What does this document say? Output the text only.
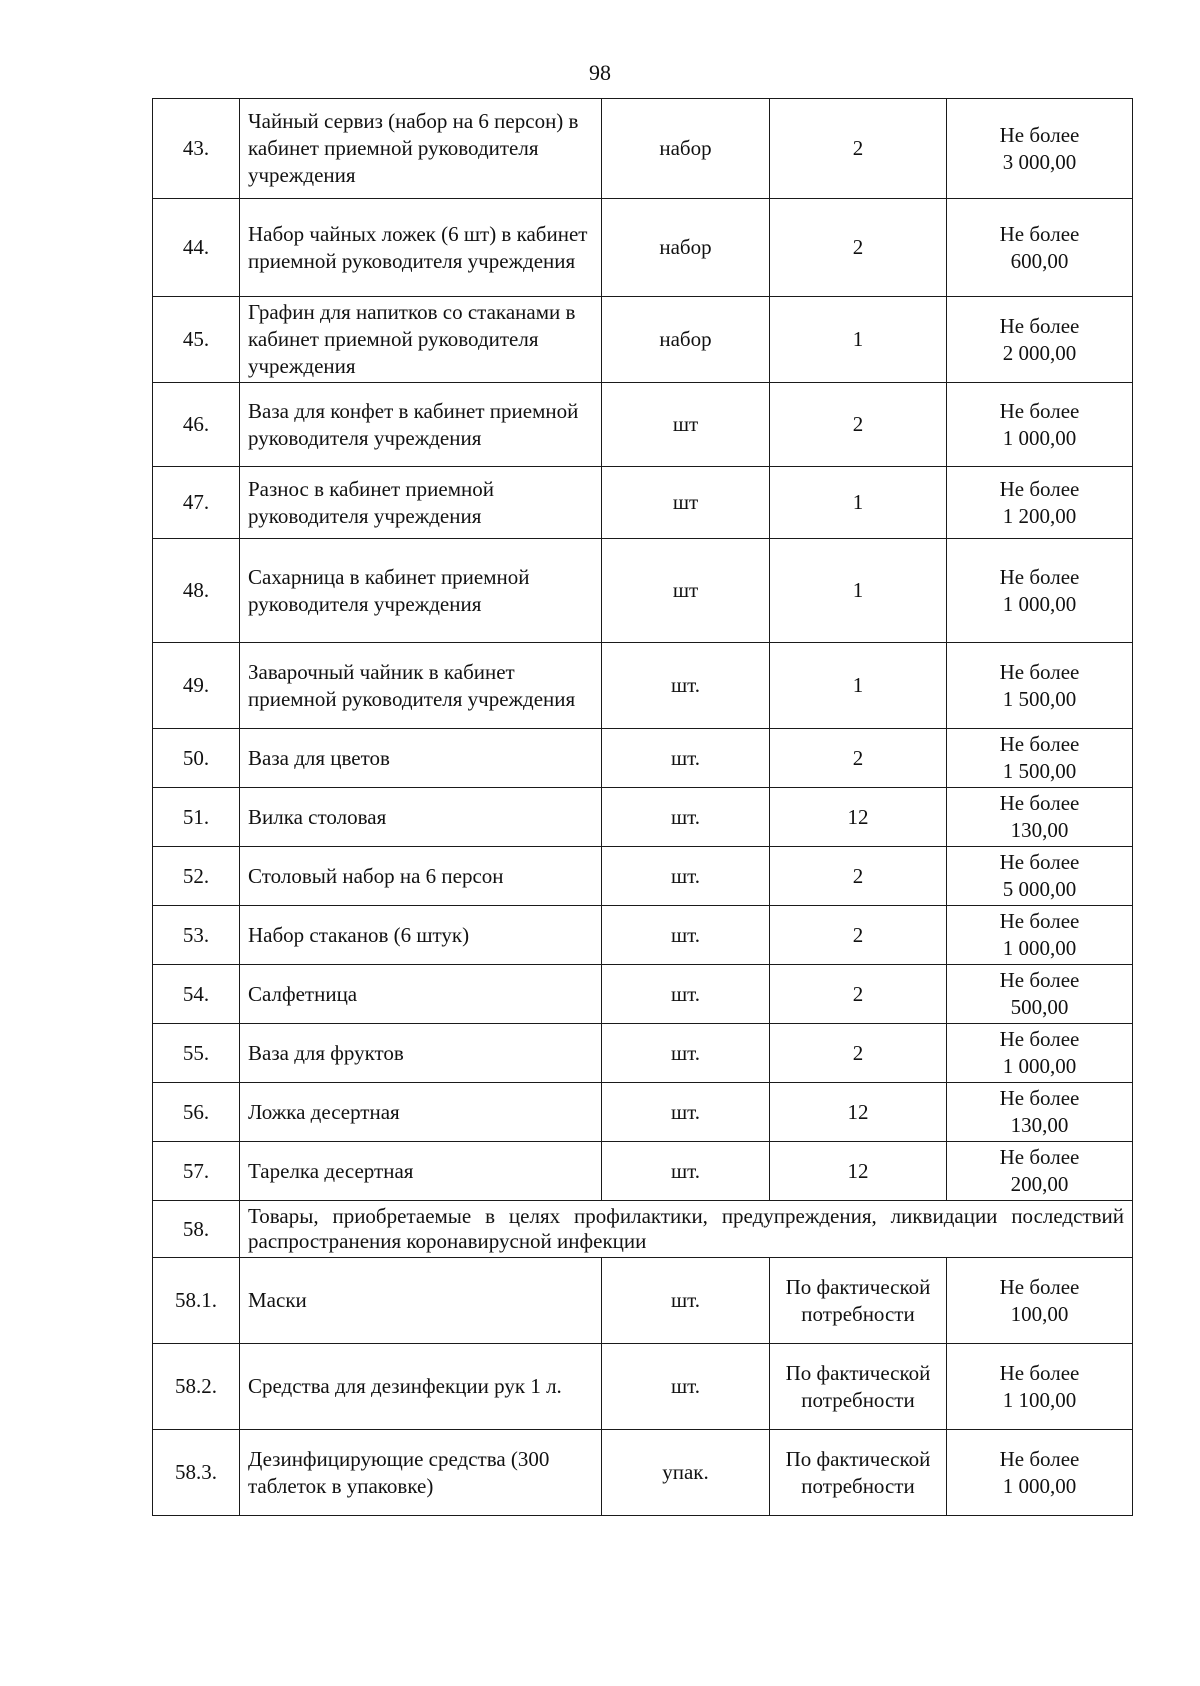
98
43.	Чайный сервиз (набор на 6 персон) в кабинет приемной руководителя учреждения	набор	2	Не более
3 000,00
44.	Набор чайных ложек (6 шт) в кабинет приемной руководителя учреждения	набор	2	Не более
600,00
45.	Графин для напитков со стаканами в кабинет приемной руководителя учреждения	набор	1	Не более
2 000,00
46.	Ваза для конфет в кабинет приемной руководителя учреждения	шт	2	Не более
1 000,00
47.	Разнос в кабинет приемной руководителя учреждения	шт	1	Не более
1 200,00
48.	Сахарница в кабинет приемной руководителя учреждения	шт	1	Не более
1 000,00
49.	Заварочный чайник в кабинет приемной руководителя учреждения	шт.	1	Не более
1 500,00
50.	Ваза для цветов	шт.	2	Не более
1 500,00
51.	Вилка столовая	шт.	12	Не более
130,00
52.	Столовый набор на 6 персон	шт.	2	Не более
5 000,00
53.	Набор стаканов (6 штук)	шт.	2	Не более
1 000,00
54.	Салфетница	шт.	2	Не более
500,00
55.	Ваза для фруктов	шт.	2	Не более
1 000,00
56.	Ложка десертная	шт.	12	Не более
130,00
57.	Тарелка десертная	шт.	12	Не более
200,00
58.	Товары, приобретаемые в целях профилактики, предупреждения, ликвидации последствий распространения коронавирусной инфекции			
58.1.	Маски	шт.	По фактической потребности	Не более
100,00
58.2.	Средства для дезинфекции рук 1 л.	шт.	По фактической потребности	Не более
1 100,00
58.3.	Дезинфицирующие средства (300 таблеток в упаковке)	упак.	По фактической потребности	Не более
1 000,00
